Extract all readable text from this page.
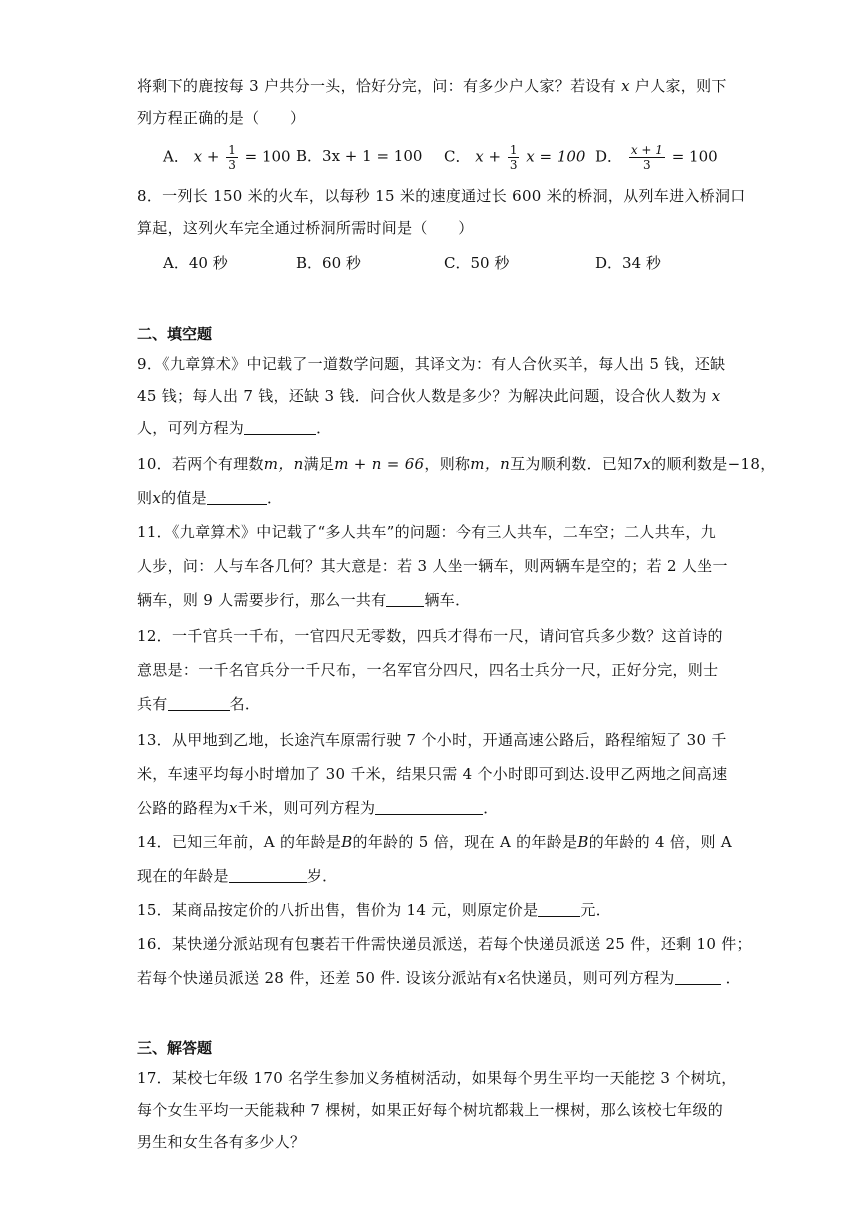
将剩下的鹿按每 3 户共分一头，恰好分完，问：有多少户人家？若设有 x 户人家，则下
列方程正确的是（　　）
A． $x + \frac{1}{3} = 100$ B．3x + 1 = 100 C． $x + \frac{1}{3}$ x = 100 D． $\frac{x + 1}{3} = 100$
8．一列长 150 米的火车，以每秒 15 米的速度通过长 600 米的桥洞，从列车进入桥洞口
算起，这列火车完全通过桥洞所需时间是（　　）
A．40 秒	B．60 秒	C．50 秒	D．34 秒
二、填空题
9．《九章算术》中记载了一道数学问题，其译文为：有人合伙买羊，每人出 5 钱，还缺
45 钱；每人出 7 钱，还缺 3 钱．问合伙人数是多少？为解决此问题，设合伙人数为 x
人，可列方程为	．
10．若两个有理数m，n满足m + n = 66，则称m，n互为顺利数．已知7x的顺利数是−18，
则x的值是	．
11．《九章算术》中记载了“多人共车”的问题：今有三人共车，二车空；二人共车，九
人步，问：人与车各几何？其大意是：若 3 人坐一辆车，则两辆车是空的；若 2 人坐一
辆车，则 9 人需要步行，那么一共有	辆车．
12．一千官兵一千布，一官四尺无零数，四兵才得布一尺，请问官兵多少数？这首诗的
意思是：一千名官兵分一千尺布，一名军官分四尺，四名士兵分一尺，正好分完，则士
兵有	名．
13．从甲地到乙地，长途汽车原需行驶 7 个小时，开通高速公路后，路程缩短了 30 千
米，车速平均每小时增加了 30 千米，结果只需 4 个小时即可到达.设甲乙两地之间高速
公路的路程为x千米，则可列方程为	．
14．已知三年前，A 的年龄是B的年龄的 5 倍，现在 A 的年龄是B的年龄的 4 倍，则 A
现在的年龄是	岁．
15．某商品按定价的八折出售，售价为 14 元，则原定价是	元．
16．某快递分派站现有包裹若干件需快递员派送，若每个快递员派送 25 件，还剩 10 件；
若每个快递员派送 28 件，还差 50 件. 设该分派站有x名快递员，则可列方程为	．
三、解答题
17．某校七年级 170 名学生参加义务植树活动，如果每个男生平均一天能挖 3 个树坑，
每个女生平均一天能栽种 7 棵树，如果正好每个树坑都栽上一棵树，那么该校七年级的
男生和女生各有多少人？
